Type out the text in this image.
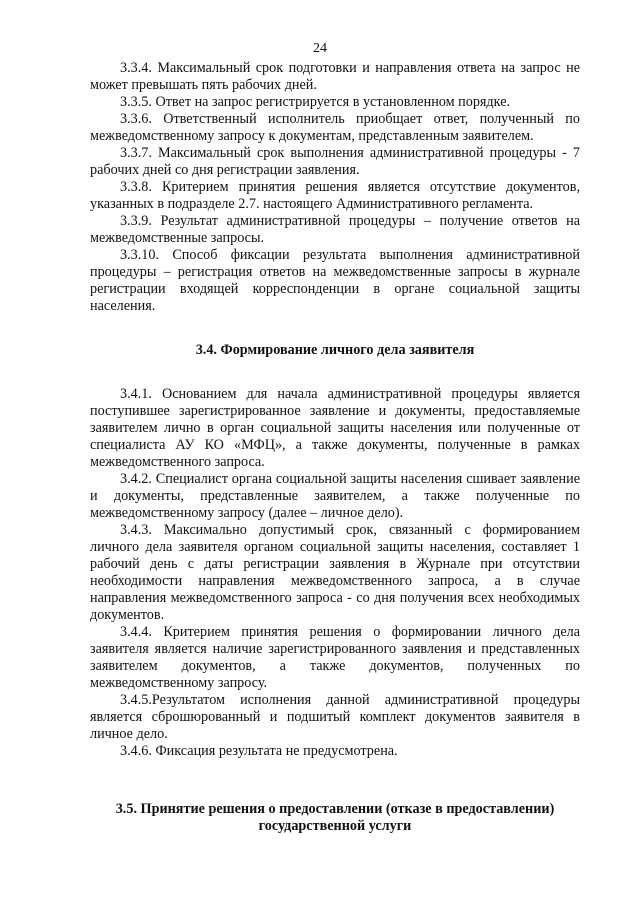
24

3.3.4. Максимальный срок подготовки и направления ответа на запрос не может превышать пять рабочих дней.

3.3.5. Ответ на запрос регистрируется в установленном порядке.

3.3.6. Ответственный исполнитель приобщает ответ, полученный по межведомственному запросу к документам, представленным заявителем.

3.3.7. Максимальный срок выполнения административной процедуры - 7 рабочих дней со дня регистрации заявления.

3.3.8. Критерием принятия решения является отсутствие документов, указанных в подразделе 2.7. настоящего Административного регламента.

3.3.9. Результат административной процедуры – получение ответов на межведомственные запросы.

3.3.10. Способ фиксации результата выполнения административной процедуры – регистрация ответов на межведомственные запросы в журнале регистрации входящей корреспонденции в органе социальной защиты населения.

3.4. Формирование личного дела заявителя

3.4.1. Основанием для начала административной процедуры является поступившее зарегистрированное заявление и документы, предоставляемые заявителем лично в орган социальной защиты населения или полученные от специалиста АУ КО «МФЦ», а также документы, полученные в рамках межведомственного запроса.

3.4.2. Специалист органа социальной защиты населения сшивает заявление и документы, представленные заявителем, а также полученные по межведомственному запросу (далее – личное дело).

3.4.3. Максимально допустимый срок, связанный с формированием личного дела заявителя органом социальной защиты населения, составляет 1 рабочий день с даты регистрации заявления в Журнале при отсутствии необходимости направления межведомственного запроса, а в случае направления межведомственного запроса - со дня получения всех необходимых документов.

3.4.4. Критерием принятия решения о формировании личного дела заявителя является наличие зарегистрированного заявления и представленных заявителем документов, а также документов, полученных по межведомственному запросу.

3.4.5.Результатом исполнения данной административной процедуры является сброшюрованный и подшитый комплект документов заявителя в личное дело.

3.4.6. Фиксация результата не предусмотрена.

3.5. Принятие решения о предоставлении (отказе в предоставлении)
государственной услуги
